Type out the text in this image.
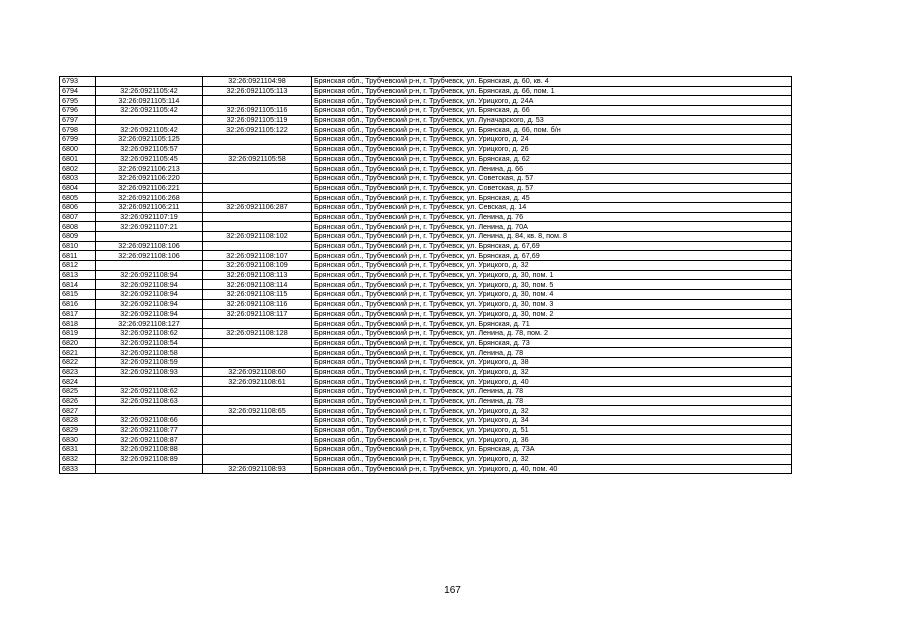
6793		32:26:0921104:98	Брянская обл., Трубчевский р-н, г. Трубчевск, ул. Брянская, д. 60, кв. 4
6794	32:26:0921105:42	32:26:0921105:113	Брянская обл., Трубчевский р-н, г. Трубчевск, ул. Брянская, д. 66, пом. 1
6795	32:26:0921105:114		Брянская обл., Трубчевский р-н, г. Трубчевск, ул. Урицкого, д. 24А
6796	32:26:0921105:42	32:26:0921105:116	Брянская обл., Трубчевский р-н, г. Трубчевск, ул. Брянская, д. 66
6797		32:26:0921105:119	Брянская обл., Трубчевский р-н, г. Трубчевск, ул. Луначарского, д. 53
6798	32:26:0921105:42	32:26:0921105:122	Брянская обл., Трубчевский р-н, г. Трубчевск, ул. Брянская, д. 66, пом. б/н
6799	32:26:0921105:125		Брянская обл., Трубчевский р-н, г. Трубчевск, ул. Урицкого, д. 24
6800	32:26:0921105:57		Брянская обл., Трубчевский р-н, г. Трубчевск, ул. Урицкого, д. 26
6801	32:26:0921105:45	32:26:0921105:58	Брянская обл., Трубчевский р-н, г. Трубчевск, ул. Брянская, д. 62
6802	32:26:0921106:213		Брянская обл., Трубчевский р-н, г. Трубчевск, ул. Ленина, д. 66
6803	32:26:0921106:220		Брянская обл., Трубчевский р-н, г. Трубчевск, ул. Советская, д. 57
6804	32:26:0921106:221		Брянская обл., Трубчевский р-н, г. Трубчевск, ул. Советская, д. 57
6805	32:26:0921106:268		Брянская обл., Трубчевский р-н, г. Трубчевск, ул. Брянская, д. 45
6806	32:26:0921106:211	32:26:0921106:287	Брянская обл., Трубчевский р-н, г. Трубчевск, ул. Севская, д. 14
6807	32:26:0921107:19		Брянская обл., Трубчевский р-н, г. Трубчевск, ул. Ленина, д. 76
6808	32:26:0921107:21		Брянская обл., Трубчевский р-н, г. Трубчевск, ул. Ленина, д. 70А
6809		32:26:0921108:102	Брянская обл., Трубчевский р-н, г. Трубчевск, ул. Ленина, д. 84, кв. 8, пом. 8
6810	32:26:0921108:106		Брянская обл., Трубчевский р-н, г. Трубчевск, ул. Брянская, д. 67,69
6811	32:26:0921108:106	32:26:0921108:107	Брянская обл., Трубчевский р-н, г. Трубчевск, ул. Брянская, д. 67,69
6812		32:26:0921108:109	Брянская обл., Трубчевский р-н, г. Трубчевск, ул. Урицкого, д. 32
6813	32:26:0921108:94	32:26:0921108:113	Брянская обл., Трубчевский р-н, г. Трубчевск, ул. Урицкого, д. 30, пом. 1
6814	32:26:0921108:94	32:26:0921108:114	Брянская обл., Трубчевский р-н, г. Трубчевск, ул. Урицкого, д. 30, пом. 5
6815	32:26:0921108:94	32:26:0921108:115	Брянская обл., Трубчевский р-н, г. Трубчевск, ул. Урицкого, д. 30, пом. 4
6816	32:26:0921108:94	32:26:0921108:116	Брянская обл., Трубчевский р-н, г. Трубчевск, ул. Урицкого, д. 30, пом. 3
6817	32:26:0921108:94	32:26:0921108:117	Брянская обл., Трубчевский р-н, г. Трубчевск, ул. Урицкого, д. 30, пом. 2
6818	32:26:0921108:127		Брянская обл., Трубчевский р-н, г. Трубчевск, ул. Брянская, д. 71
6819	32:26:0921108:62	32:26:0921108:128	Брянская обл., Трубчевский р-н, г. Трубчевск, ул. Ленина, д. 78, пом. 2
6820	32:26:0921108:54		Брянская обл., Трубчевский р-н, г. Трубчевск, ул. Брянская, д. 73
6821	32:26:0921108:58		Брянская обл., Трубчевский р-н, г. Трубчевск, ул. Ленина, д. 78
6822	32:26:0921108:59		Брянская обл., Трубчевский р-н, г. Трубчевск, ул. Урицкого, д. 38
6823	32:26:0921108:93	32:26:0921108:60	Брянская обл., Трубчевский р-н, г. Трубчевск, ул. Урицкого, д. 32
6824		32:26:0921108:61	Брянская обл., Трубчевский р-н, г. Трубчевск, ул. Урицкого, д. 40
6825	32:26:0921108:62		Брянская обл., Трубчевский р-н, г. Трубчевск, ул. Ленина, д. 78
6826	32:26:0921108:63		Брянская обл., Трубчевский р-н, г. Трубчевск, ул. Ленина, д. 78
6827		32:26:0921108:65	Брянская обл., Трубчевский р-н, г. Трубчевск, ул. Урицкого, д. 32
6828	32:26:0921108:66		Брянская обл., Трубчевский р-н, г. Трубчевск, ул. Урицкого, д. 34
6829	32:26:0921108:77		Брянская обл., Трубчевский р-н, г. Трубчевск, ул. Урицкого, д. 51
6830	32:26:0921108:87		Брянская обл., Трубчевский р-н, г. Трубчевск, ул. Урицкого, д. 36
6831	32:26:0921108:88		Брянская обл., Трубчевский р-н, г. Трубчевск, ул. Брянская, д. 73А
6832	32:26:0921108:89		Брянская обл., Трубчевский р-н, г. Трубчевск, ул. Урицкого, д. 32
6833		32:26:0921108:93	Брянская обл., Трубчевский р-н, г. Трубчевск, ул. Урицкого, д. 40, пом. 40
167
